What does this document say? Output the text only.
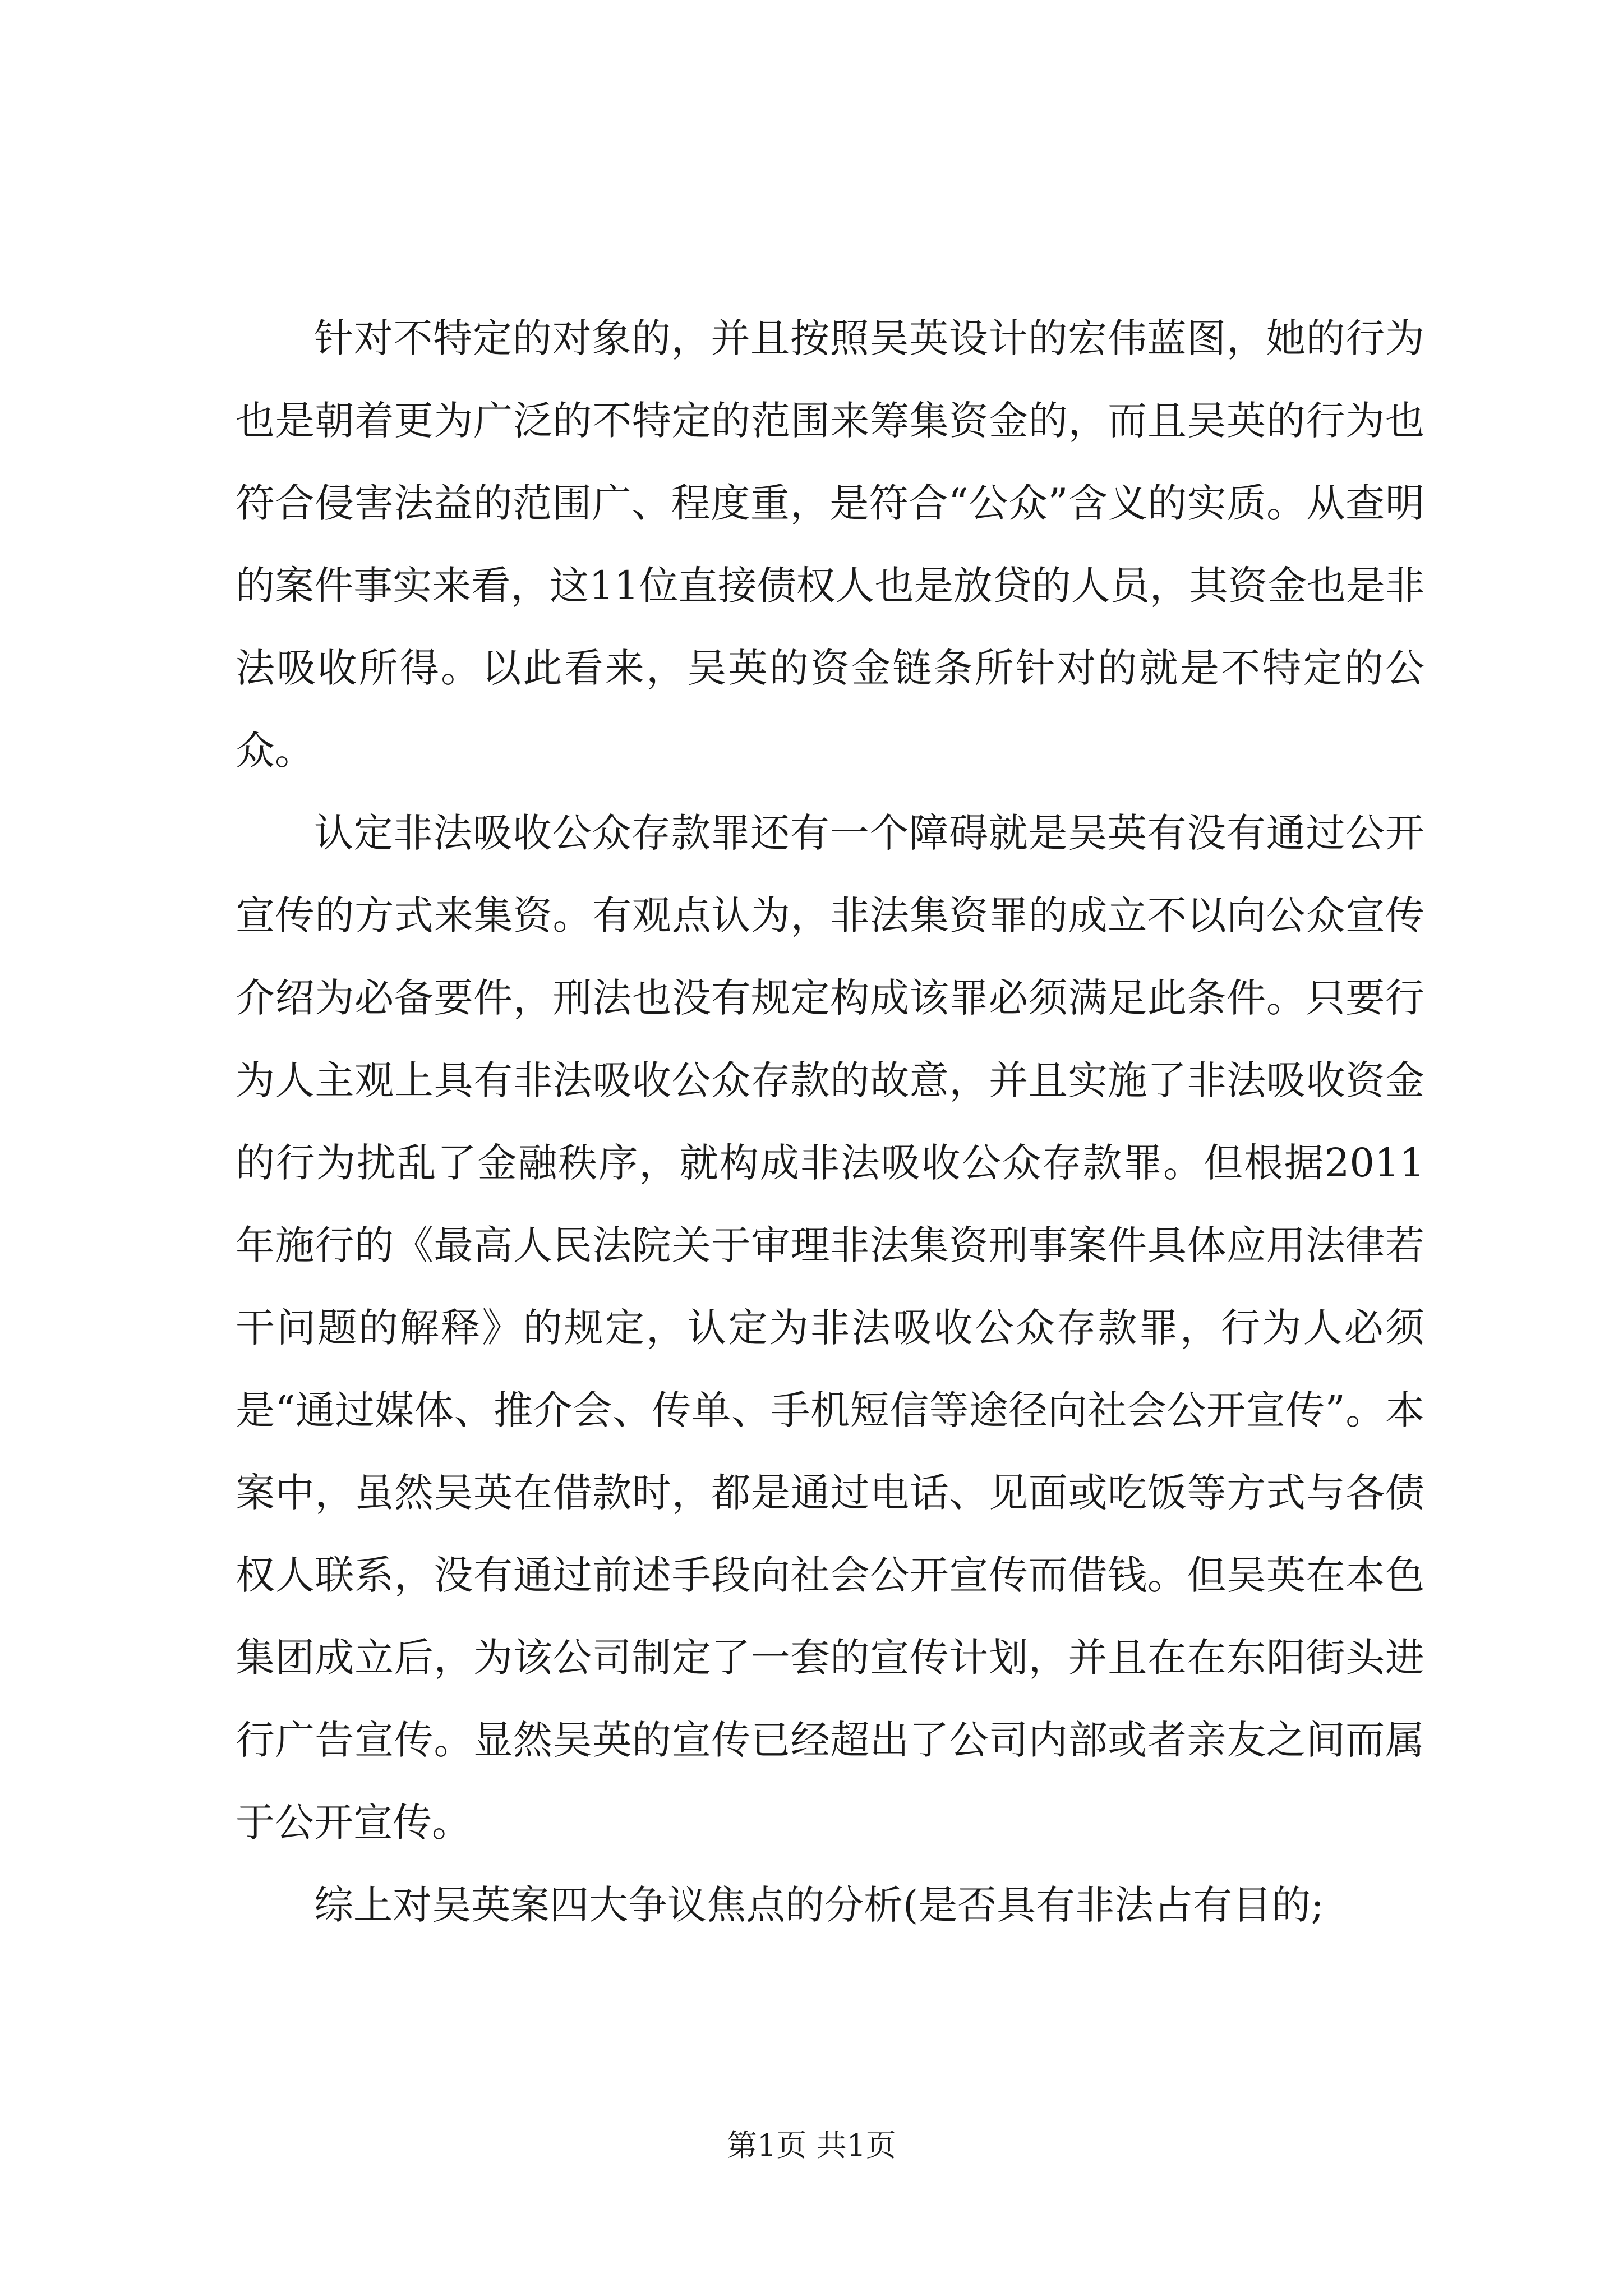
针对不特定的对象的，并且按照吴英设计的宏伟蓝图，她的行为也是朝着更为广泛的不特定的范围来筹集资金的，而且吴英的行为也符合侵害法益的范围广、程度重，是符合“公众”含义的实质。从查明的案件事实来看，这11位直接债权人也是放贷的人员，其资金也是非法吸收所得。以此看来，吴英的资金链条所针对的就是不特定的公众。

认定非法吸收公众存款罪还有一个障碍就是吴英有没有通过公开宣传的方式来集资。有观点认为，非法集资罪的成立不以向公众宣传介绍为必备要件，刑法也没有规定构成该罪必须满足此条件。只要行为人主观上具有非法吸收公众存款的故意，并且实施了非法吸收资金的行为扰乱了金融秩序，就构成非法吸收公众存款罪。但根据2011年施行的《最高人民法院关于审理非法集资刑事案件具体应用法律若干问题的解释》的规定，认定为非法吸收公众存款罪，行为人必须是“通过媒体、推介会、传单、手机短信等途径向社会公开宣传”。本案中，虽然吴英在借款时，都是通过电话、见面或吃饭等方式与各债权人联系，没有通过前述手段向社会公开宣传而借钱。但吴英在本色集团成立后，为该公司制定了一套的宣传计划，并且在在东阳街头进行广告宣传。显然吴英的宣传已经超出了公司内部或者亲友之间而属于公开宣传。

综上对吴英案四大争议焦点的分析(是否具有非法占有目的;

第1页 共1页
